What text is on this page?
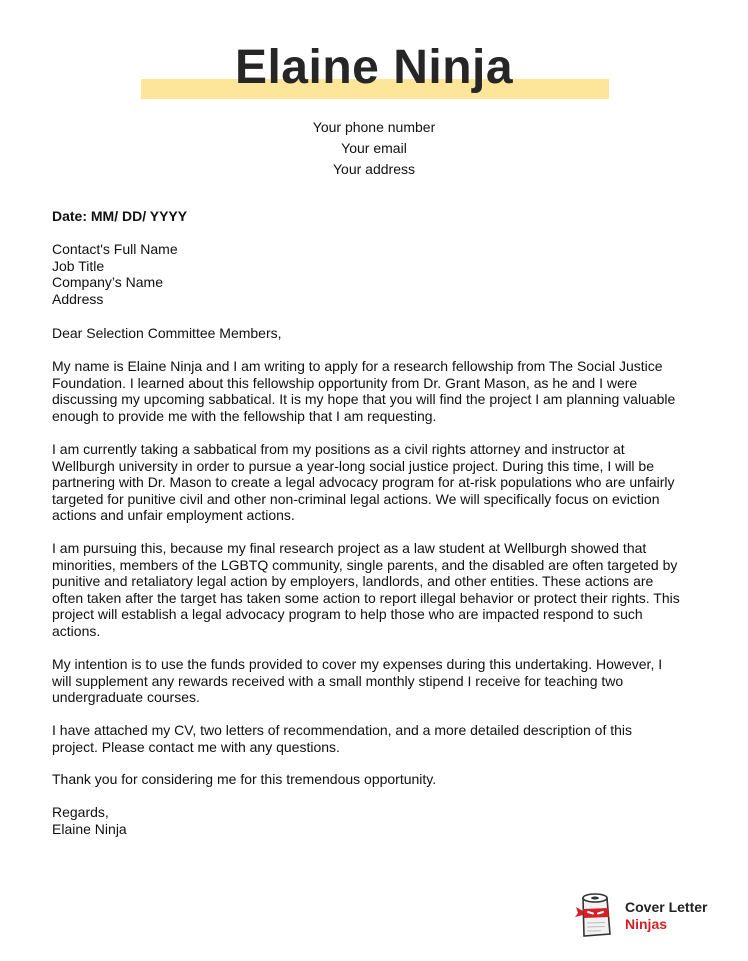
Elaine Ninja
Your phone number
Your email
Your address
Date: MM/ DD/ YYYY
Contact's Full Name
Job Title
Company’s Name
Address
Dear Selection Committee Members,
My name is Elaine Ninja and I am writing to apply for a research fellowship from The Social Justice
Foundation. I learned about this fellowship opportunity from Dr. Grant Mason, as he and I were
discussing my upcoming sabbatical. It is my hope that you will find the project I am planning valuable
enough to provide me with the fellowship that I am requesting.
I am currently taking a sabbatical from my positions as a civil rights attorney and instructor at
Wellburgh university in order to pursue a year-long social justice project. During this time, I will be
partnering with Dr. Mason to create a legal advocacy program for at-risk populations who are unfairly
targeted for punitive civil and other non-criminal legal actions. We will specifically focus on eviction
actions and unfair employment actions.
I am pursuing this, because my final research project as a law student at Wellburgh showed that
minorities, members of the LGBTQ community, single parents, and the disabled are often targeted by
punitive and retaliatory legal action by employers, landlords, and other entities. These actions are
often taken after the target has taken some action to report illegal behavior or protect their rights. This
project will establish a legal advocacy program to help those who are impacted respond to such
actions.
My intention is to use the funds provided to cover my expenses during this undertaking. However, I
will supplement any rewards received with a small monthly stipend I receive for teaching two
undergraduate courses.
I have attached my CV, two letters of recommendation, and a more detailed description of this
project. Please contact me with any questions.
Thank you for considering me for this tremendous opportunity.
Regards,
Elaine Ninja
Cover Letter
Ninjas
